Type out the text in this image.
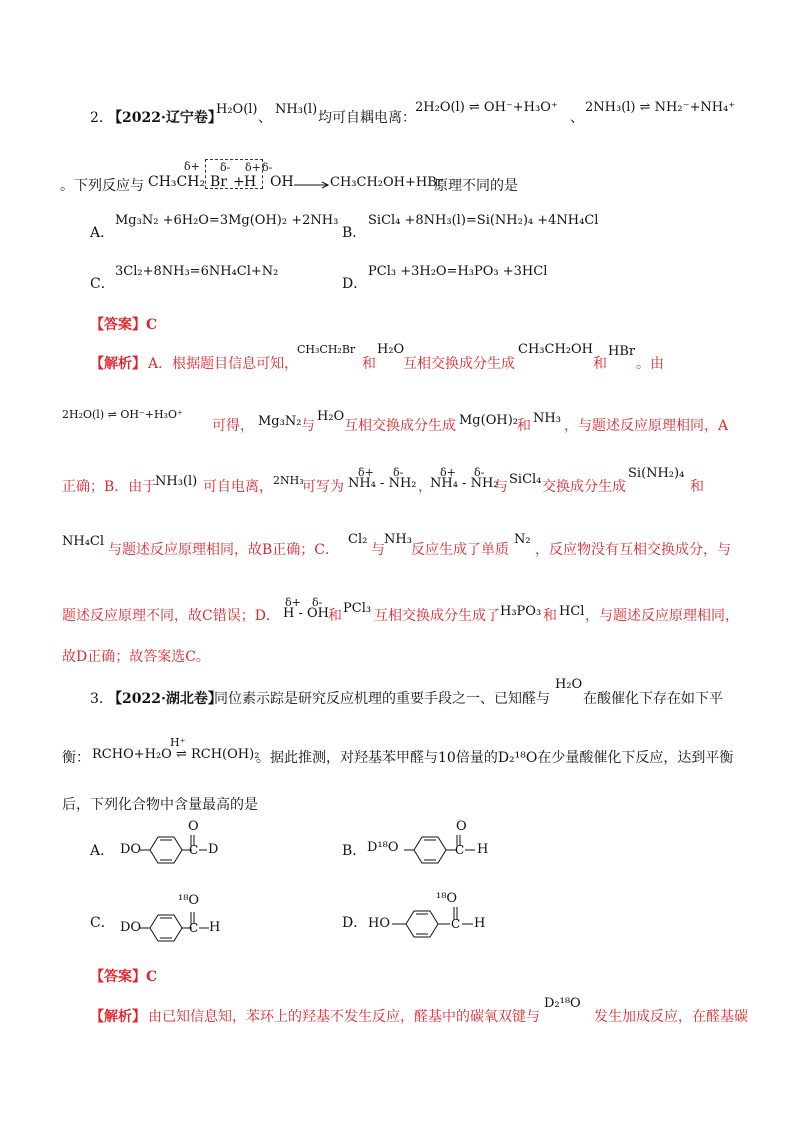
2．
【2022·辽宁卷】
H₂O(l)
、
NH₃(l)
均可自耦电离：
2H₂O(l) ⇌ OH⁻+H₃O⁺
、
2NH₃(l) ⇌ NH₂⁻+NH₄⁺
。下列反应与 CH₃CH₂
δ+ δ- δ+ δ-
Br + H OH → CH₃CH₂OH+HBr
原理不同的是
A．
Mg₃N₂ +6H₂O=3Mg(OH)₂ +2NH₃
B．
SiCl₄ +8NH₃(l)=Si(NH₂)₄ +4NH₄Cl
C．
3Cl₂+8NH₃=6NH₄Cl+N₂
D．
PCl₃ +3H₂O=H₃PO₃ +3HCl
【答案】C
【解析】 A．根据题目信息可知，
CH₃CH₂Br
和
H₂O
互相交换成分生成
CH₃CH₂OH
和
HBr
。由
2H₂O(l) ⇌ OH⁻+H₃O⁺
可得， Mg₃N₂ 与
H₂O
互相交换成分生成 Mg(OH)₂ 和 NH₃ ，与题述反应原理相同，A
正确；B．由于
NH₃(l) 可自电离， 2NH₃
可写为
δ+ δ-
NH₄ - NH₂ ，
δ+ δ-
NH₄ - NH₂
与 SiCl₄ 交换成分生成
Si(NH₂)₄
和
NH₄Cl
与题述反应原理相同，故B正确；C．
Cl₂
与
NH₃
反应生成了单质
N₂
，反应物没有互相交换成分，与
题述反应原理不同，故C错误；D．
δ+ δ-
H - OH 和 PCl₃ 互相交换成分生成了 H₃PO₃ 和 HCl ，与题述反应原理相同，
故D正确；故答案选C。
3．
【2022·湖北卷】
同位素示踪是研究反应机理的重要手段之一、已知醛与
H₂O
在酸催化下存在如下平
衡：
H⁺
RCHO+H₂O ⇌ RCH(OH)₂
。据此推测，对羟基苯甲醛与10倍量的D₂¹⁸O在少量酸催化下反应，达到平衡
后，下列化合物中含量最高的是
A． DO
O
D
C	B． D¹⁸O
O
H
C
C． DO
¹⁸O
H
C	D． HO
¹⁸O
H
C
【答案】C
【解析】 由已知信息知，苯环上的羟基不发生反应，醛基中的碳氧双键与
D₂¹⁸O
发生加成反应，在醛基碳
